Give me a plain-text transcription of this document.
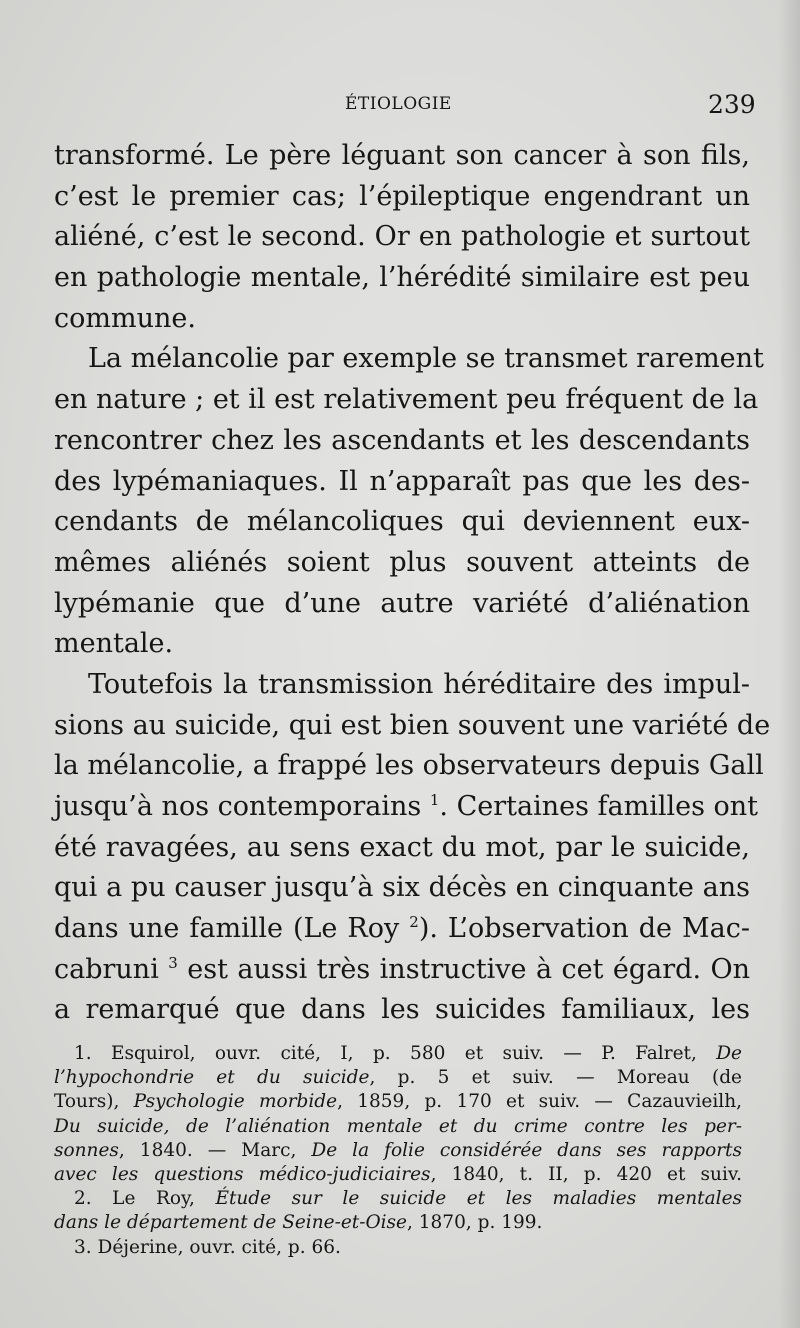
ÉTIOLOGIE	239
transformé. Le père léguant son cancer à son fils,
c’est le premier cas; l’épileptique engendrant un
aliéné, c’est le second. Or en pathologie et surtout
en pathologie mentale, l’hérédité similaire est peu
commune.
La mélancolie par exemple se transmet rarement
en nature ; et il est relativement peu fréquent de la
rencontrer chez les ascendants et les descendants
des lypémaniaques. Il n’apparaît pas que les des-
cendants de mélancoliques qui deviennent eux-
mêmes aliénés soient plus souvent atteints de
lypémanie que d’une autre variété d’aliénation
mentale.
Toutefois la transmission héréditaire des impul-
sions au suicide, qui est bien souvent une variété de
la mélancolie, a frappé les observateurs depuis Gall
jusqu’à nos contemporains $^1$. Certaines familles ont
été ravagées, au sens exact du mot, par le suicide,
qui a pu causer jusqu’à six décès en cinquante ans
dans une famille (Le Roy $^2$). L’observation de Mac-
cabruni $^3$ est aussi très instructive à cet égard. On
a remarqué que dans les suicides familiaux, les
1. Esquirol, ouvr. cité, I, p. 580 et suiv. — P. Falret, De
l’hypochondrie et du suicide, p. 5 et suiv. — Moreau (de
Tours), Psychologie morbide, 1859, p. 170 et suiv. — Cazauvieilh,
Du suicide, de l’aliénation mentale et du crime contre les per-
sonnes, 1840. — Marc, De la folie considérée dans ses rapports
avec les questions médico-judiciaires, 1840, t. II, p. 420 et suiv.
2. Le Roy, Étude sur le suicide et les maladies mentales
dans le département de Seine-et-Oise, 1870, p. 199.
3. Déjerine, ouvr. cité, p. 66.
